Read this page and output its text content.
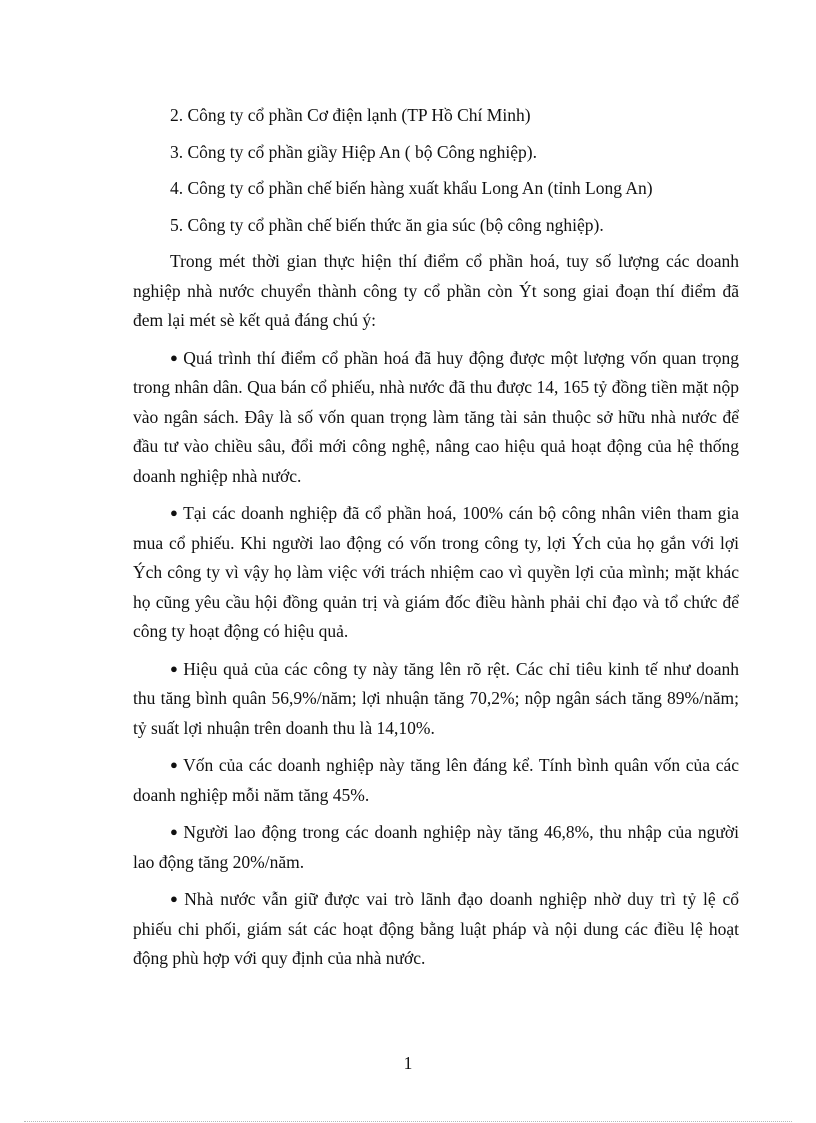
2. Công ty cổ phần Cơ điện lạnh (TP Hồ Chí Minh)

3. Công ty cổ phần giầy Hiệp An ( bộ Công nghiệp).

4. Công ty cổ phần chế biến hàng xuất khẩu Long An (tỉnh Long An)

5. Công ty cổ phần chế biến thức ăn gia súc (bộ công nghiệp).

Trong mét thời gian thực hiện thí điểm cổ phần hoá, tuy số lượng các doanh nghiệp nhà nước chuyển thành công ty cổ phần còn Ýt song giai đoạn thí điểm đã đem lại mét sè kết quả đáng chú ý:

● Quá trình thí điểm cổ phần hoá đã huy động được một lượng vốn quan trọng trong nhân dân. Qua bán cổ phiếu, nhà nước đã thu được 14, 165 tỷ đồng tiền mặt nộp vào ngân sách. Đây là số vốn quan trọng làm tăng tài sản thuộc sở hữu nhà nước để đầu tư vào chiều sâu, đổi mới công nghệ, nâng cao hiệu quả hoạt động của hệ thống doanh nghiệp nhà nước.

● Tại các doanh nghiệp đã cổ phần hoá, 100% cán bộ công nhân viên tham gia mua cổ phiếu. Khi người lao động có vốn trong công ty, lợi Ých của họ gắn với lợi Ých công ty vì vậy họ làm việc với trách nhiệm cao vì quyền lợi của mình; mặt khác họ cũng yêu cầu hội đồng quản trị và giám đốc điều hành phải chỉ đạo và tổ chức để công ty hoạt động có hiệu quả.

● Hiệu quả của các công ty này tăng lên rõ rệt. Các chỉ tiêu kinh tế như doanh thu tăng bình quân 56,9%/năm; lợi nhuận tăng 70,2%; nộp ngân sách tăng 89%/năm; tỷ suất lợi nhuận trên doanh thu là 14,10%.

● Vốn của các doanh nghiệp này tăng lên đáng kể. Tính bình quân vốn của các doanh nghiệp mỗi năm tăng 45%.

● Người lao động trong các doanh nghiệp này tăng 46,8%, thu nhập của người lao động tăng 20%/năm.

● Nhà nước vẫn giữ được vai trò lãnh đạo doanh nghiệp nhờ duy trì tỷ lệ cổ phiếu chi phối, giám sát các hoạt động bằng luật pháp và nội dung các điều lệ hoạt động phù hợp với quy định của nhà nước.

1
